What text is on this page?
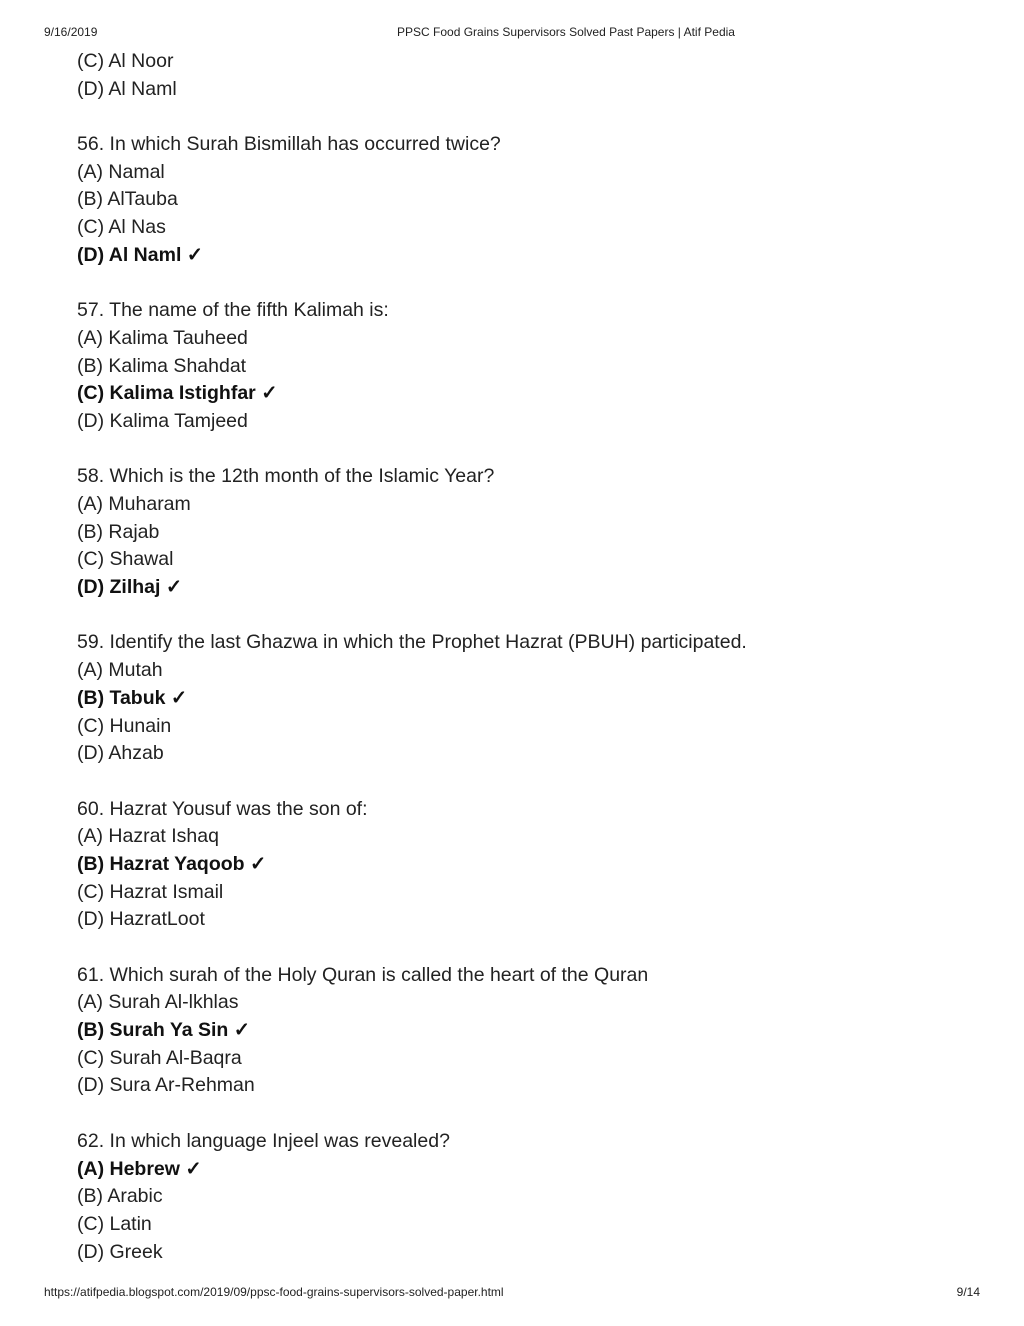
9/16/2019	PPSC Food Grains Supervisors Solved Past Papers | Atif Pedia
(C) Al Noor
(D) Al Naml
56. In which Surah Bismillah has occurred twice?
(A) Namal
(B) AlTauba
(C) Al Nas
(D) Al Naml ✓
57. The name of the fifth Kalimah is:
(A) Kalima Tauheed
(B) Kalima Shahdat
(C) Kalima Istighfar ✓
(D) Kalima Tamjeed
58. Which is the 12th month of the Islamic Year?
(A) Muharam
(B) Rajab
(C) Shawal
(D) Zilhaj ✓
59. Identify the last Ghazwa in which the Prophet Hazrat (PBUH) participated.
(A) Mutah
(B) Tabuk ✓
(C) Hunain
(D) Ahzab
60. Hazrat Yousuf was the son of:
(A) Hazrat Ishaq
(B) Hazrat Yaqoob ✓
(C) Hazrat Ismail
(D) HazratLoot
61. Which surah of the Holy Quran is called the heart of the Quran
(A) Surah Al-lkhlas
(B) Surah Ya Sin ✓
(C) Surah Al-Baqra
(D) Sura Ar-Rehman
62. In which language Injeel was revealed?
(A) Hebrew ✓
(B) Arabic
(C) Latin
(D) Greek
https://atifpedia.blogspot.com/2019/09/ppsc-food-grains-supervisors-solved-paper.html	9/14
